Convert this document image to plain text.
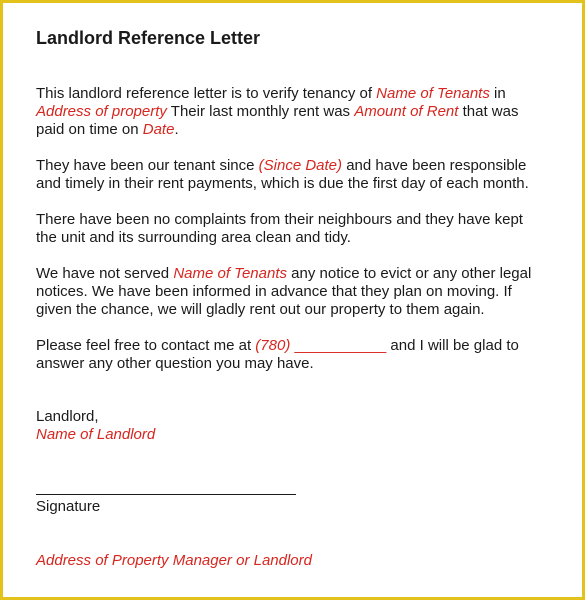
Landlord Reference Letter

This landlord reference letter is to verify tenancy of Name of Tenants in

Address of property Their last monthly rent was Amount of Rent that was

paid on time on Date.

They have been our tenant since (Since Date) and have been responsible

and timely in their rent payments, which is due the first day of each month.

There have been no complaints from their neighbours and they have kept

the unit and its surrounding area clean and tidy.

We have not served Name of Tenants any notice to evict or any other legal

notices. We have been informed in advance that they plan on moving. If

given the chance, we will gladly rent out our property to them again.

Please feel free to contact me at (780) ___________ and I will be glad to

answer any other question you may have.

Landlord,

Name of Landlord

Signature

Address of Property Manager or Landlord
